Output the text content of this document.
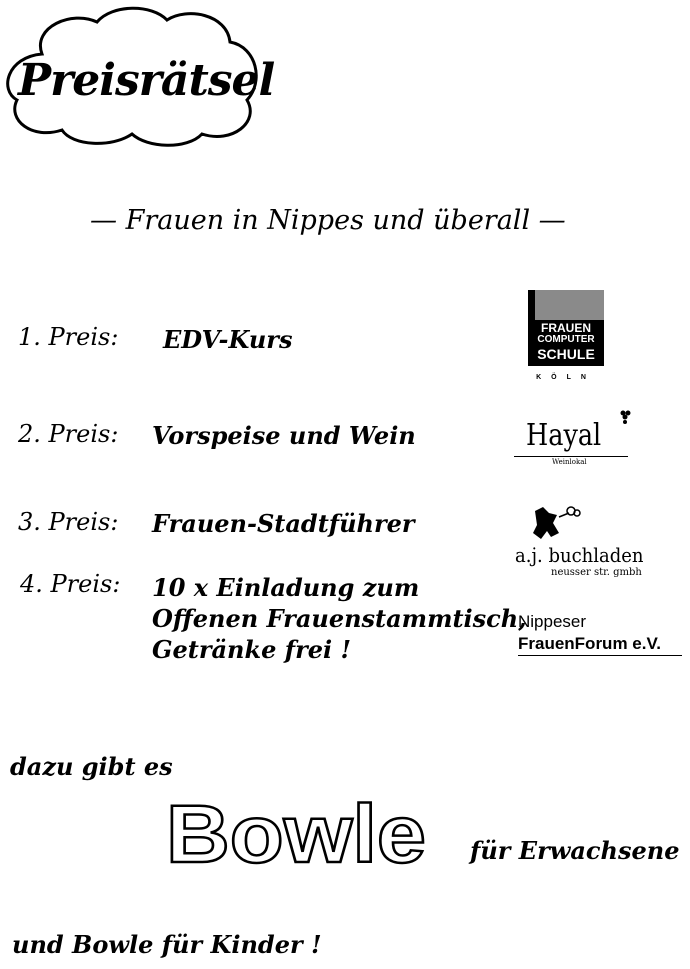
Preisrätsel
— Frauen in Nippes und überall —
1. Preis: EDV-Kurs
2. Preis: Vorspeise und Wein
3. Preis: Frauen-Stadtführer
4. Preis: 10 x Einladung zum
Offenen Frauenstammtisch,
Getränke frei !
FRAUEN
COMPUTER
SCHULE
KÖLN
Hayal
Weinlokal
a.j. buchladen
neusser str. gmbh
Nippeser
FrauenForum e.V.
dazu gibt es
Bowle für Erwachsene
und Bowle für Kinder !
